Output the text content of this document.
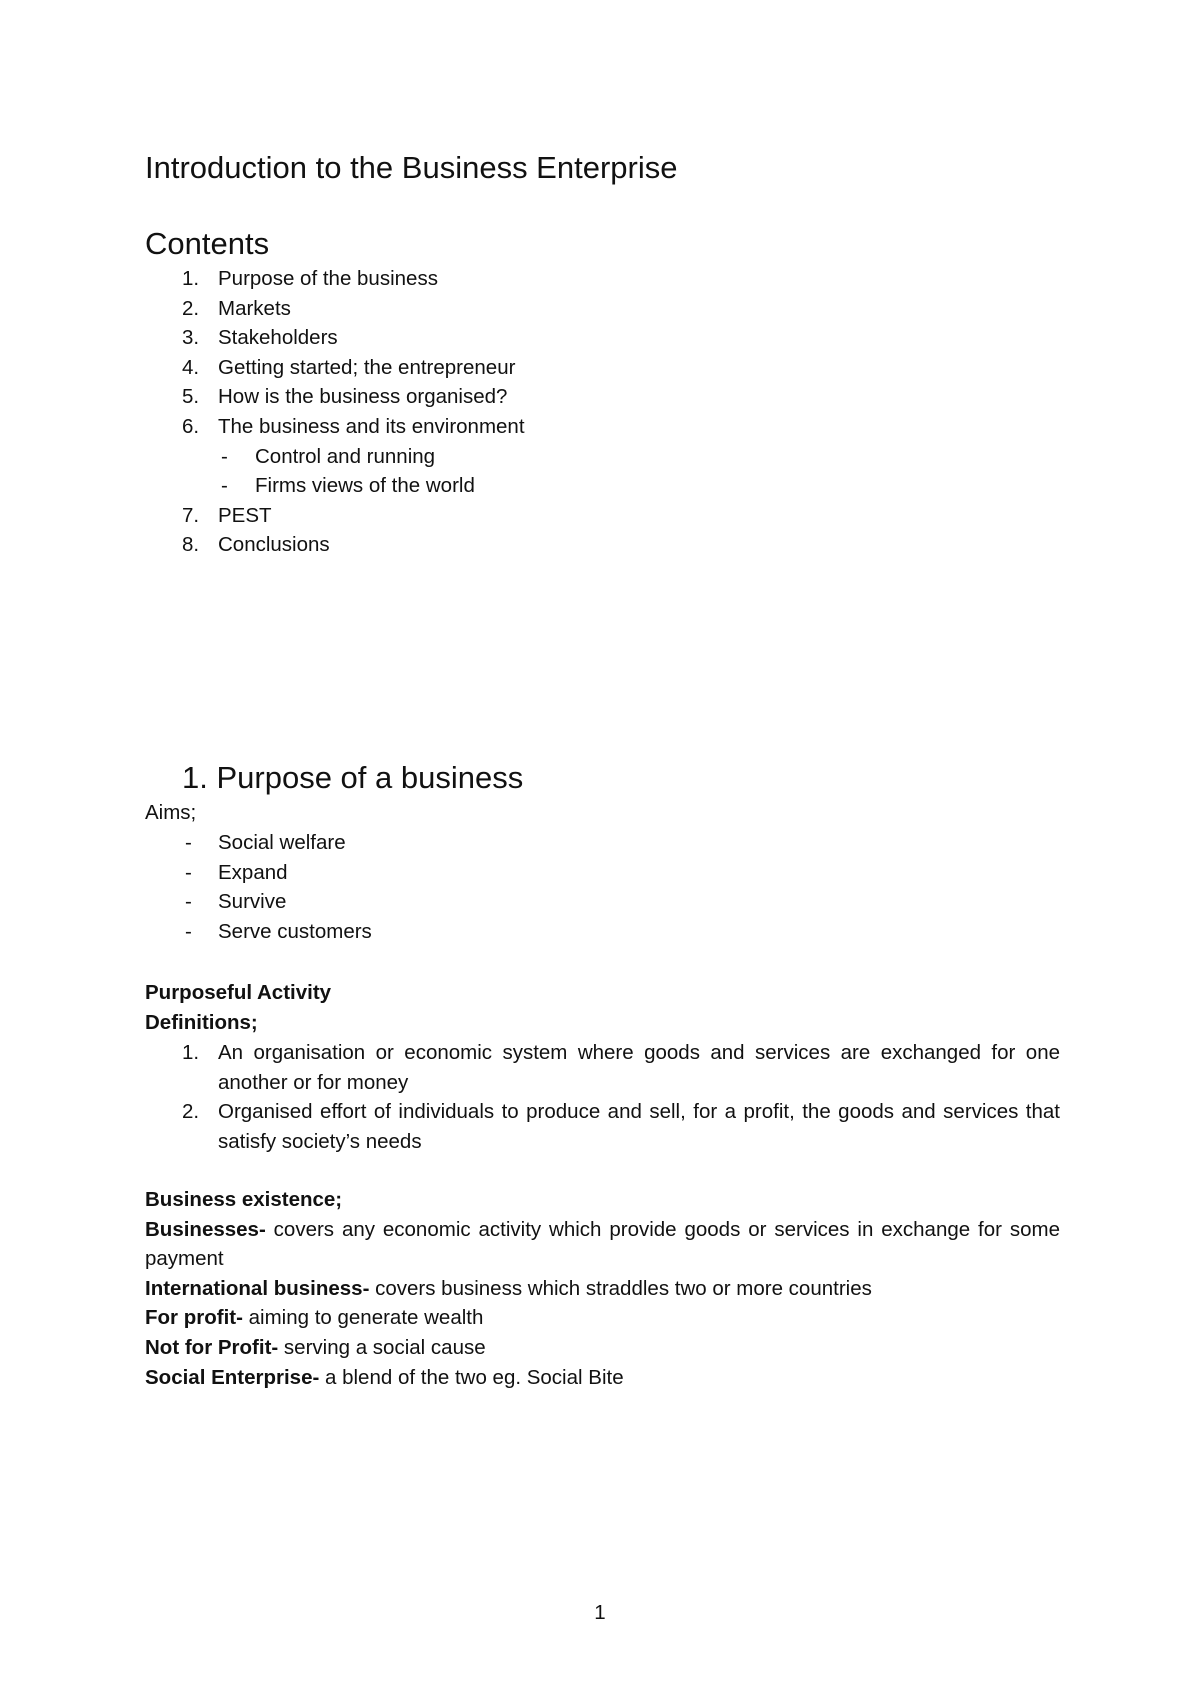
Introduction to the Business Enterprise
Contents
1. Purpose of the business
2. Markets
3. Stakeholders
4. Getting started; the entrepreneur
5. How is the business organised?
6. The business and its environment
- Control and running
- Firms views of the world
7. PEST
8. Conclusions
1. Purpose of a business
Aims;
- Social welfare
- Expand
- Survive
- Serve customers
Purposeful Activity
Definitions;
1. An organisation or economic system where goods and services are exchanged for one another or for money
2. Organised effort of individuals to produce and sell, for a profit, the goods and services that satisfy society’s needs

Business existence;

Businesses- covers any economic activity which provide goods or services in exchange for some payment

International business- covers business which straddles two or more countries

For profit- aiming to generate wealth

Not for Profit- serving a social cause

Social Enterprise- a blend of the two eg. Social Bite

1
